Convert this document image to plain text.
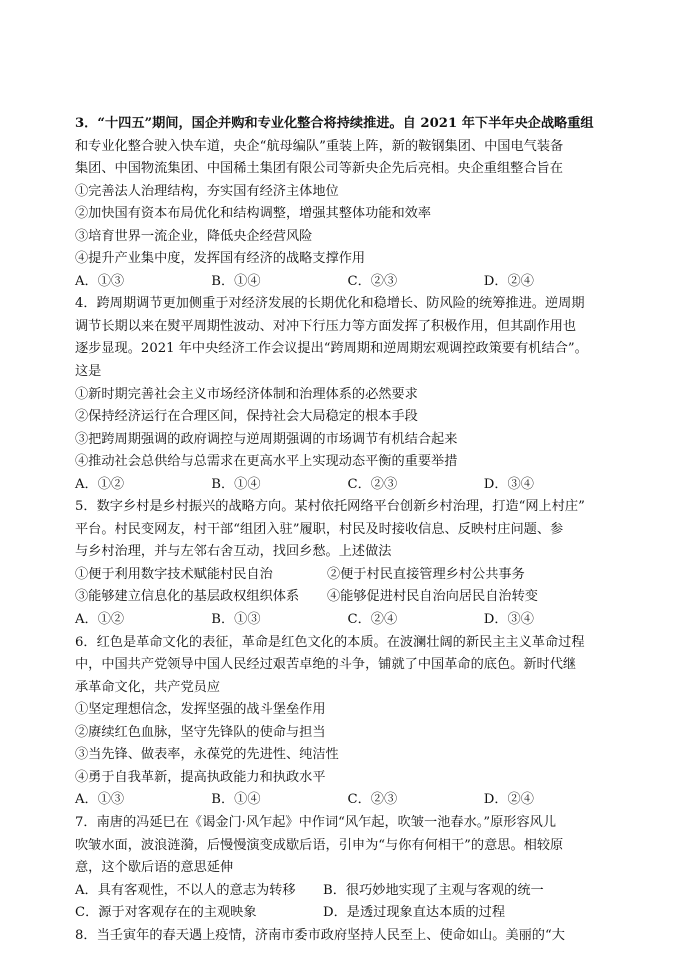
3．“十四五”期间，国企并购和专业化整合将持续推进。自 2021 年下半年央企战略重组
和专业化整合驶入快车道，央企“航母编队”重装上阵，新的鞍钢集团、中国电气装备
集团、中国物流集团、中国稀土集团有限公司等新央企先后亮相。央企重组整合旨在
①完善法人治理结构，夯实国有经济主体地位
②加快国有资本布局优化和结构调整，增强其整体功能和效率
③培育世界一流企业，降低央企经营风险
④提升产业集中度，发挥国有经济的战略支撑作用
A．①③	B．①④	C．②③	D．②④
4．跨周期调节更加侧重于对经济发展的长期优化和稳增长、防风险的统筹推进。逆周期
调节长期以来在熨平周期性波动、对冲下行压力等方面发挥了积极作用，但其副作用也
逐步显现。2021 年中央经济工作会议提出“跨周期和逆周期宏观调控政策要有机结合”。
这是
①新时期完善社会主义市场经济体制和治理体系的必然要求
②保持经济运行在合理区间，保持社会大局稳定的根本手段
③把跨周期强调的政府调控与逆周期强调的市场调节有机结合起来
④推动社会总供给与总需求在更高水平上实现动态平衡的重要举措
A．①②	B．①④	C．②③	D．③④
5．数字乡村是乡村振兴的战略方向。某村依托网络平台创新乡村治理，打造“网上村庄”
平台。村民变网友，村干部“组团入驻”履职，村民及时接收信息、反映村庄问题、参
与乡村治理，并与左邻右舍互动，找回乡愁。上述做法
①便于利用数字技术赋能村民自治	②便于村民直接管理乡村公共事务
③能够建立信息化的基层政权组织体系	④能够促进村民自治向居民自治转变
A．①②	B．①③	C．②④	D．③④
6．红色是革命文化的表征，革命是红色文化的本质。在波澜壮阔的新民主主义革命过程
中，中国共产党领导中国人民经过艰苦卓绝的斗争，铺就了中国革命的底色。新时代继
承革命文化，共产党员应
①坚定理想信念，发挥坚强的战斗堡垒作用
②赓续红色血脉，坚守先锋队的使命与担当
③当先锋、做表率，永葆党的先进性、纯洁性
④勇于自我革新，提高执政能力和执政水平
A．①③	B．①④	C．②③	D．②④
7．南唐的冯延巳在《谒金门·风乍起》中作词“风乍起，吹皱一池春水。”原形容风儿
吹皱水面，波浪涟漪，后慢慢演变成歇后语，引申为“与你有何相干”的意思。相较原
意，这个歇后语的意思延伸
A．具有客观性，不以人的意志为转移	B．很巧妙地实现了主观与客观的统一
C．源于对客观存在的主观映象	D．是透过现象直达本质的过程
8．当壬寅年的春天遇上疫情，济南市委市政府坚持人民至上、使命如山。美丽的“大
